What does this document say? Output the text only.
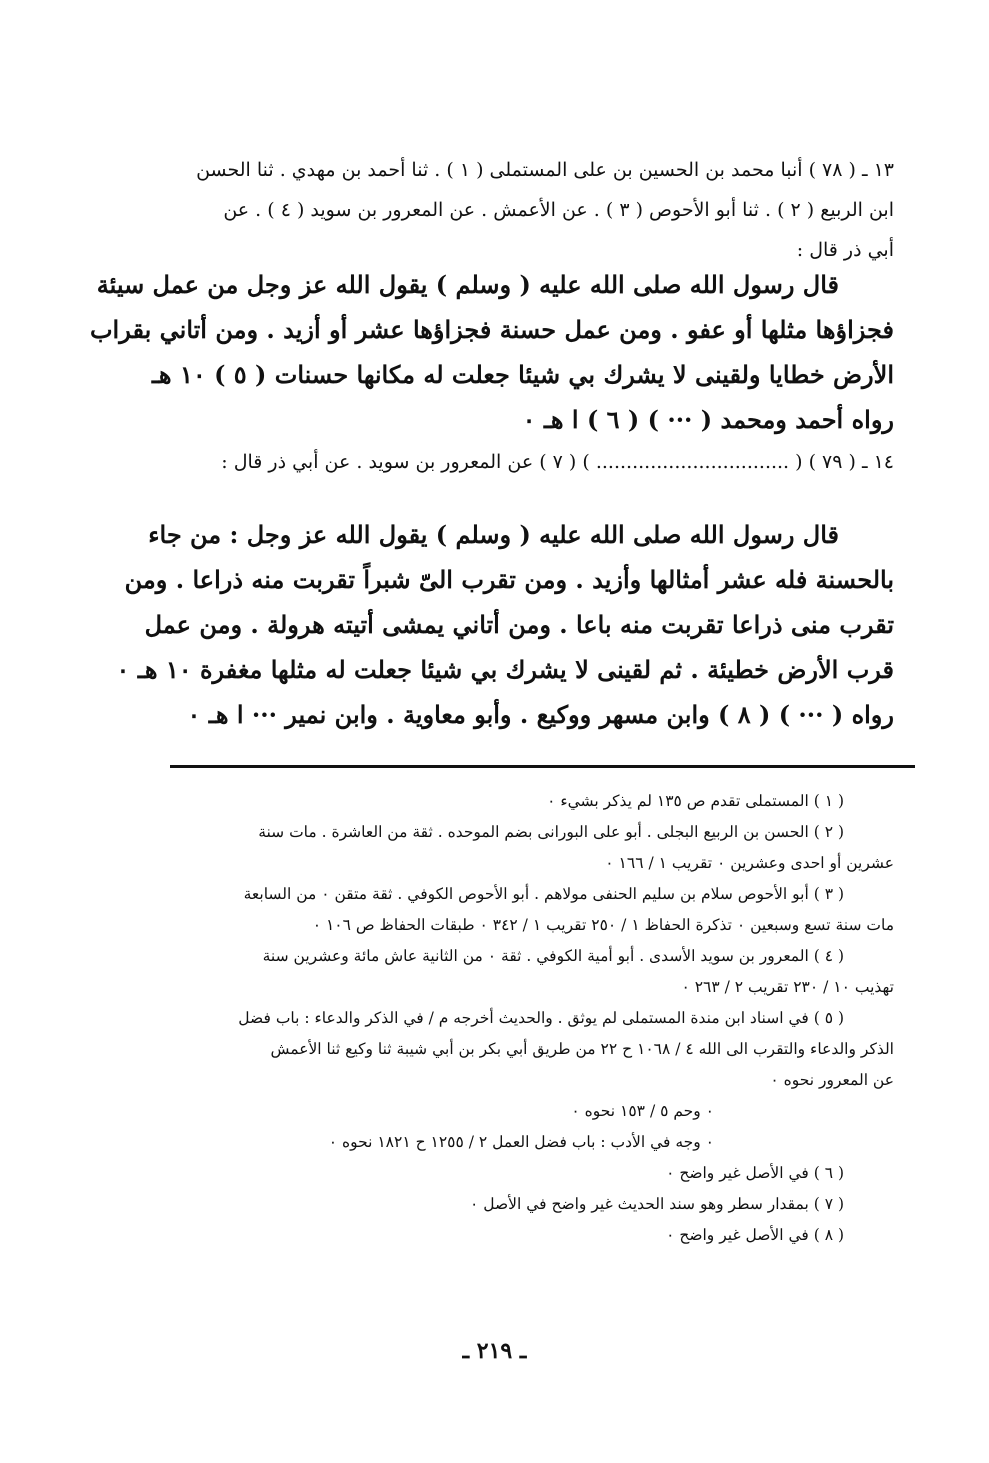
١٣ ـ ( ٧٨ ) أنبا محمد بن الحسين بن على المستملى ( ١ ) . ثنا أحمد بن مهدي . ثنا الحسن
ابن الربيع ( ٢ ) . ثنا أبو الأحوص ( ٣ ) . عن الأعمش . عن المعرور بن سويد ( ٤ ) . عن
أبي ذر قال :
قال رسول الله صلى الله عليه ( وسلم ) يقول الله عز وجل من عمل سيئة
فجزاؤها مثلها أو عفو . ومن عمل حسنة فجزاؤها عشر أو أزيد . ومن أتاني بقراب
الأرض خطايا ولقينى لا يشرك بي شيئا جعلت له مكانها حسنات ( ٥ ) ١٠ هـ
رواه أحمد ومحمد ( ··· ) ( ٦ ) ا هـ ٠
١٤ ـ ( ٧٩ ) ( ................................ ) ( ٧ ) عن المعرور بن سويد . عن أبي ذر قال :
قال رسول الله صلى الله عليه ( وسلم ) يقول الله عز وجل : من جاء
بالحسنة فله عشر أمثالها وأزيد . ومن تقرب الىّ شبراً تقربت منه ذراعا . ومن
تقرب منى ذراعا تقربت منه باعا . ومن أتاني يمشى أتيته هرولة . ومن عمل
قرب الأرض خطيئة . ثم لقينى لا يشرك بي شيئا جعلت له مثلها مغفرة ١٠ هـ ٠
رواه ( ··· ) ( ٨ ) وابن مسهر ووكيع . وأبو معاوية . وابن نمير ··· ا هـ ٠
( ١ ) المستملى تقدم ص ١٣٥ لم يذكر بشيء ٠
( ٢ ) الحسن بن الربيع البجلى . أبو على البورانى بضم الموحده . ثقة من العاشرة . مات سنة
عشرين أو احدى وعشرين ٠ تقريب ١ / ١٦٦ ٠
( ٣ ) أبو الأحوص سلام بن سليم الحنفى مولاهم . أبو الأحوص الكوفي . ثقة متقن ٠ من السابعة
مات سنة تسع وسبعين ٠ تذكرة الحفاظ ١ / ٢٥٠ تقريب ١ / ٣٤٢ ٠ طبقات الحفاظ ص ١٠٦ ٠
( ٤ ) المعرور بن سويد الأسدى . أبو أمية الكوفي . ثقة ٠ من الثانية عاش مائة وعشرين سنة
تهذيب ١٠ / ٢٣٠ تقريب ٢ / ٢٦٣ ٠
( ٥ ) في اسناد ابن مندة المستملى لم يوثق . والحديث أخرجه م / في الذكر والدعاء : باب فضل
الذكر والدعاء والتقرب الى الله ٤ / ١٠٦٨ ح ٢٢ من طريق أبي بكر بن أبي شيبة ثنا وكيع ثنا الأعمش
عن المعرور نحوه ٠
٠ وحم ٥ / ١٥٣ نحوه ٠
٠ وجه في الأدب : باب فضل العمل ٢ / ١٢٥٥ ح ١٨٢١ نحوه ٠
( ٦ ) في الأصل غير واضح ٠
( ٧ ) بمقدار سطر وهو سند الحديث غير واضح في الأصل ٠
( ٨ ) في الأصل غير واضح ٠
ـ ٢١٩ ـ
